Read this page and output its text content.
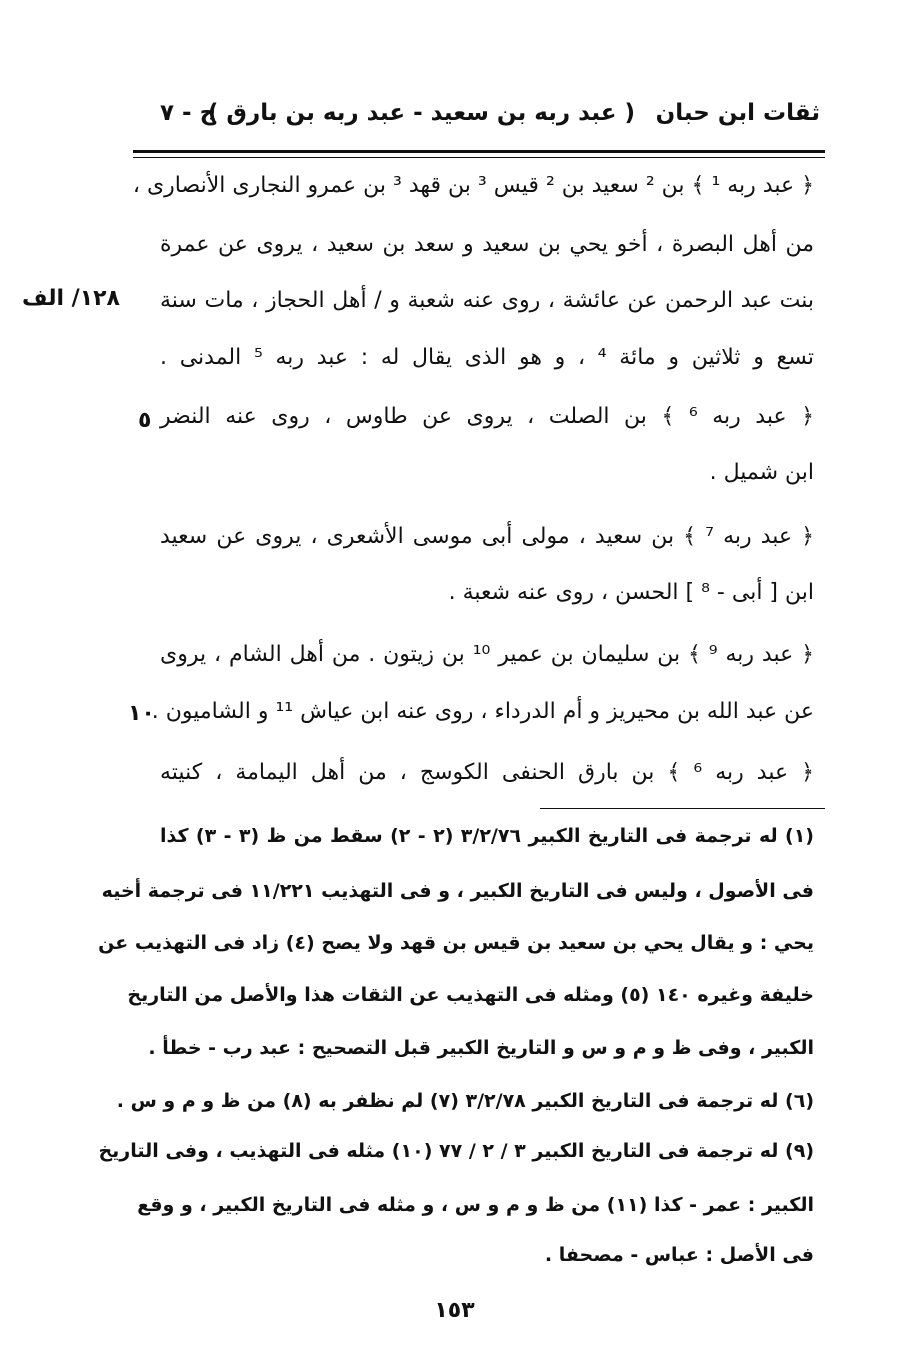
ثقات ابن حبان
( عبد ربه بن سعيد - عبد ربه بن بارق )
ج - ٧
١٢٨/ الف
٥
١٠
﴿ عبد ربه ¹ ﴾ بن ² سعيد بن ² قيس ³ بن قهد ³ بن عمرو النجارى الأنصارى ،
من أهل البصرة ، أخو يحي بن سعيد و سعد بن سعيد ، يروى عن عمرة
بنت عبد الرحمن عن عائشة ، روى عنه شعبة و / أهل الحجاز ، مات سنة
تسع و ثلاثين و مائة ⁴ ، و هو الذى يقال له : عبد ربه ⁵ المدنى .
﴿ عبد ربه ⁶ ﴾ بن الصلت ، يروى عن طاوس ، روى عنه النضر
ابن شميل .
﴿ عبد ربه ⁷ ﴾ بن سعيد ، مولى أبى موسى الأشعرى ، يروى عن سعيد
ابن [ أبى - ⁸ ] الحسن ، روى عنه شعبة .
﴿ عبد ربه ⁹ ﴾ بن سليمان بن عمير ¹⁰ بن زيتون . من أهل الشام ، يروى
عن عبد الله بن محيريز و أم الدرداء ، روى عنه ابن عياش ¹¹ و الشاميون .
﴿ عبد ربه ⁶ ﴾ بن بارق الحنفى الكوسج ، من أهل اليمامة ، كنيته
(١) له ترجمة فى التاريخ الكبير ٣/٢/٧٦ (٢ - ٢) سقط من ظ (٣ - ٣) كذا
فى الأصول ، وليس فى التاريخ الكبير ، و فى التهذيب ١١/٢٢١ فى ترجمة أخيه
يحي : و يقال يحي بن سعيد بن قيس بن قهد ولا يصح (٤) زاد فى التهذيب عن
خليفة وغيره ١٤٠ (٥) ومثله فى التهذيب عن الثقات هذا والأصل من التاريخ
الكبير ، وفى ظ و م و س و التاريخ الكبير قبل التصحيح : عبد رب - خطأ .
(٦) له ترجمة فى التاريخ الكبير ٣/٢/٧٨ (٧) لم نظفر به (٨) من ظ و م و س .
(٩) له ترجمة فى التاريخ الكبير ٣ / ٢ / ٧٧ (١٠) مثله فى التهذيب ، وفى التاريخ
الكبير : عمر - كذا (١١) من ظ و م و س ، و مثله فى التاريخ الكبير ، و وقع
فى الأصل : عباس - مصحفا .
١٥٣
